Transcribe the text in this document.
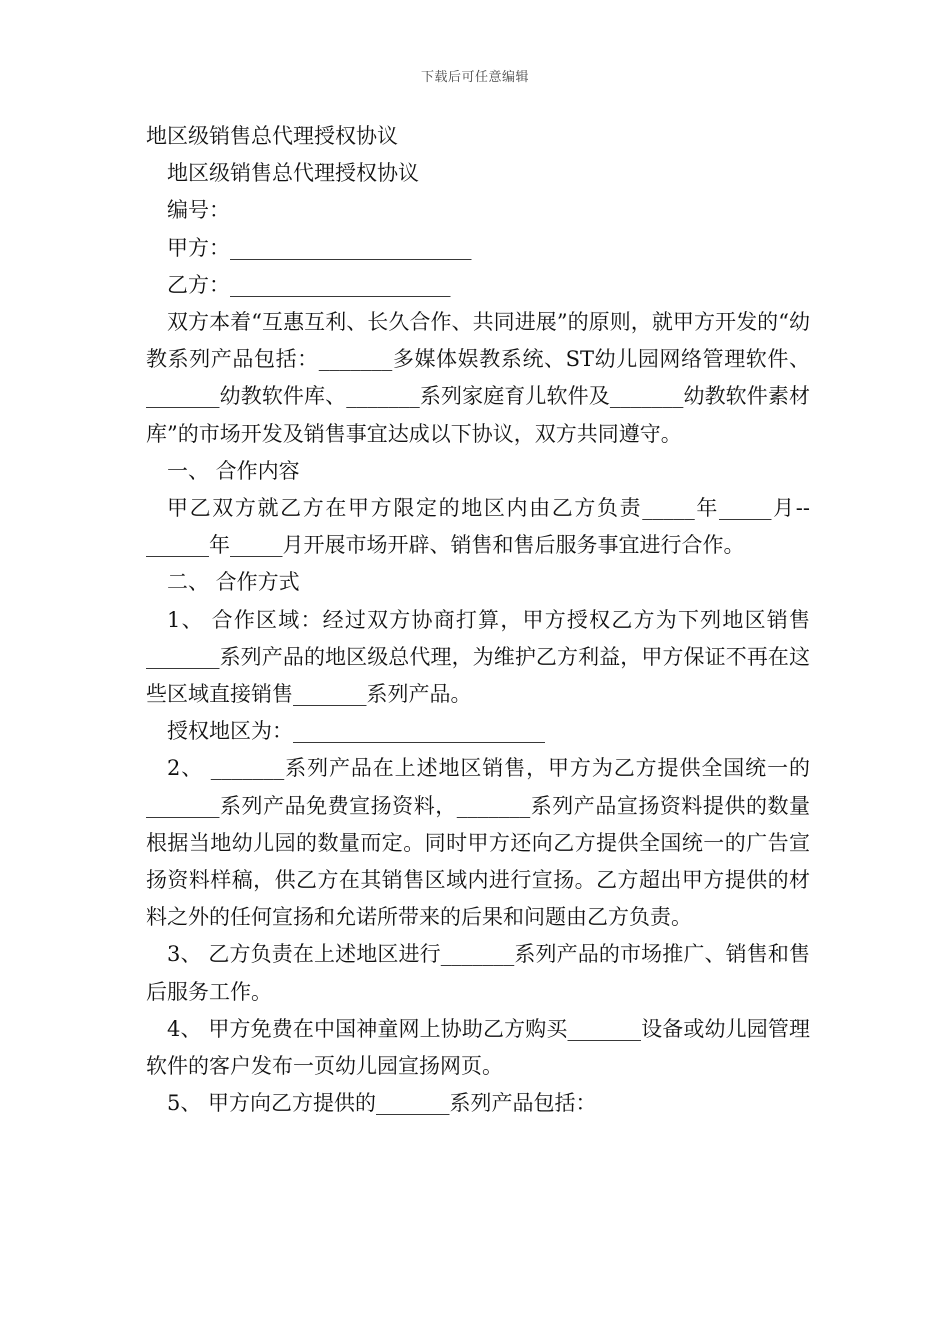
下载后可任意编辑

地区级销售总代理授权协议

地区级销售总代理授权协议

编号：

甲方：_______________________

乙方：_____________________

双方本着“互惠互利、长久合作、共同进展”的原则，就甲方开发的“幼教系列产品包括：_______多媒体娱教系统、ST幼儿园网络管理软件、_______幼教软件库、_______系列家庭育儿软件及_______幼教软件素材库”的市场开发及销售事宜达成以下协议，双方共同遵守。

一、 合作内容

甲乙双方就乙方在甲方限定的地区内由乙方负责_____年_____月--______年_____月开展市场开辟、销售和售后服务事宜进行合作。

二、 合作方式

1、 合作区域：经过双方协商打算，甲方授权乙方为下列地区销售_______系列产品的地区级总代理，为维护乙方利益，甲方保证不再在这些区域直接销售_______系列产品。

授权地区为：________________________

2、 _______系列产品在上述地区销售，甲方为乙方提供全国统一的_______系列产品免费宣扬资料，_______系列产品宣扬资料提供的数量根据当地幼儿园的数量而定。同时甲方还向乙方提供全国统一的广告宣扬资料样稿，供乙方在其销售区域内进行宣扬。乙方超出甲方提供的材料之外的任何宣扬和允诺所带来的后果和问题由乙方负责。

3、 乙方负责在上述地区进行_______系列产品的市场推广、销售和售后服务工作。

4、 甲方免费在中国神童网上协助乙方购买_______设备或幼儿园管理软件的客户发布一页幼儿园宣扬网页。

5、 甲方向乙方提供的_______系列产品包括：
